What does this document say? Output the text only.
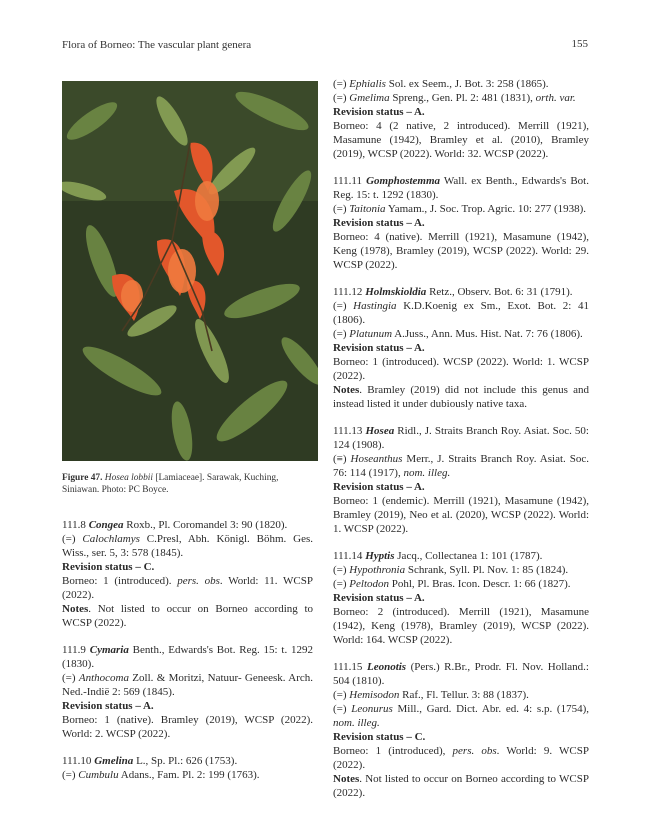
Flora of Borneo: The vascular plant genera	155
Figure 47. Hosea lobbii [Lamiaceae]. Sarawak, Kuching, Siniawan. Photo: PC Boyce.

111.8 Congea Roxb., Pl. Coromandel 3: 90 (1820).

(=) Calochlamys C.Presl, Abh. Königl. Böhm. Ges. Wiss., ser. 5, 3: 578 (1845).

Revision status – C.

Borneo: 1 (introduced). pers. obs. World: 11. WCSP (2022).

Notes. Not listed to occur on Borneo according to WCSP (2022).

111.9 Cymaria Benth., Edwards's Bot. Reg. 15: t. 1292 (1830).

(=) Anthocoma Zoll. & Moritzi, Natuur- Geneesk. Arch. Ned.-Indië 2: 569 (1845).

Revision status – A.

Borneo: 1 (native). Bramley (2019), WCSP (2022). World: 2. WCSP (2022).

111.10 Gmelina L., Sp. Pl.: 626 (1753).

(=) Cumbulu Adans., Fam. Pl. 2: 199 (1763).

(=) Ephialis Sol. ex Seem., J. Bot. 3: 258 (1865).

(=) Gmelima Spreng., Gen. Pl. 2: 481 (1831), orth. var.

Revision status – A.

Borneo: 4 (2 native, 2 introduced). Merrill (1921), Masamune (1942), Bramley et al. (2010), Bramley (2019), WCSP (2022). World: 32. WCSP (2022).

111.11 Gomphostemma Wall. ex Benth., Edwards's Bot. Reg. 15: t. 1292 (1830).

(=) Taitonia Yamam., J. Soc. Trop. Agric. 10: 277 (1938).

Revision status – A.

Borneo: 4 (native). Merrill (1921), Masamune (1942), Keng (1978), Bramley (2019), WCSP (2022). World: 29. WCSP (2022).

111.12 Holmskioldia Retz., Observ. Bot. 6: 31 (1791).

(=) Hastingia K.D.Koenig ex Sm., Exot. Bot. 2: 41 (1806).

(=) Platunum A.Juss., Ann. Mus. Hist. Nat. 7: 76 (1806).

Revision status – A.

Borneo: 1 (introduced). WCSP (2022). World: 1. WCSP (2022).

Notes. Bramley (2019) did not include this genus and instead listed it under dubiously native taxa.

111.13 Hosea Ridl., J. Straits Branch Roy. Asiat. Soc. 50: 124 (1908).

(≡) Hoseanthus Merr., J. Straits Branch Roy. Asiat. Soc. 76: 114 (1917), nom. illeg.

Revision status – A.

Borneo: 1 (endemic). Merrill (1921), Masamune (1942), Bramley (2019), Neo et al. (2020), WCSP (2022). World: 1. WCSP (2022).

111.14 Hyptis Jacq., Collectanea 1: 101 (1787).

(=) Hypothronia Schrank, Syll. Pl. Nov. 1: 85 (1824).

(=) Peltodon Pohl, Pl. Bras. Icon. Descr. 1: 66 (1827).

Revision status – A.

Borneo: 2 (introduced). Merrill (1921), Masamune (1942), Keng (1978), Bramley (2019), WCSP (2022). World: 164. WCSP (2022).

111.15 Leonotis (Pers.) R.Br., Prodr. Fl. Nov. Holland.: 504 (1810).

(=) Hemisodon Raf., Fl. Tellur. 3: 88 (1837).

(=) Leonurus Mill., Gard. Dict. Abr. ed. 4: s.p. (1754), nom. illeg.

Revision status – C.

Borneo: 1 (introduced), pers. obs. World: 9. WCSP (2022).

Notes. Not listed to occur on Borneo according to WCSP (2022).
